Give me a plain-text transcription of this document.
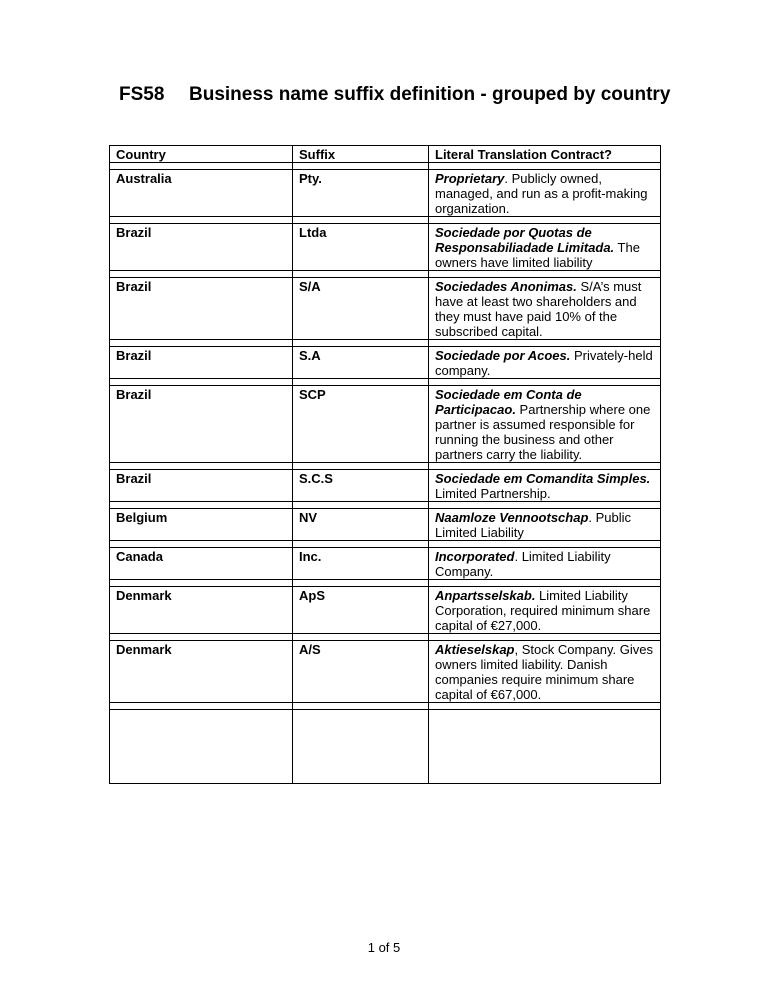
FS58 Business name suffix definition - grouped by country
Country	Suffix	Literal Translation Contract?

Australia	Pty.	Proprietary. Publicly owned, managed, and run as a profit-making organization.

Brazil	Ltda	Sociedade por Quotas de Responsabiliadade Limitada. The owners have limited liability

Brazil	S/A	Sociedades Anonimas. S/A’s must have at least two shareholders and they must have paid 10% of the subscribed capital.

Brazil	S.A	Sociedade por Acoes. Privately-held company.

Brazil	SCP	Sociedade em Conta de Participacao. Partnership where one partner is assumed responsible for running the business and other partners carry the liability.

Brazil	S.C.S	Sociedade em Comandita Simples. Limited Partnership.

Belgium	NV	Naamloze Vennootschap. Public Limited Liability

Canada	Inc.	Incorporated. Limited Liability Company.

Denmark	ApS	Anpartsselskab. Limited Liability Corporation, required minimum share capital of €27,000.

Denmark	A/S	Aktieselskap, Stock Company. Gives owners limited liability. Danish companies require minimum share capital of €67,000.

1 of 5
